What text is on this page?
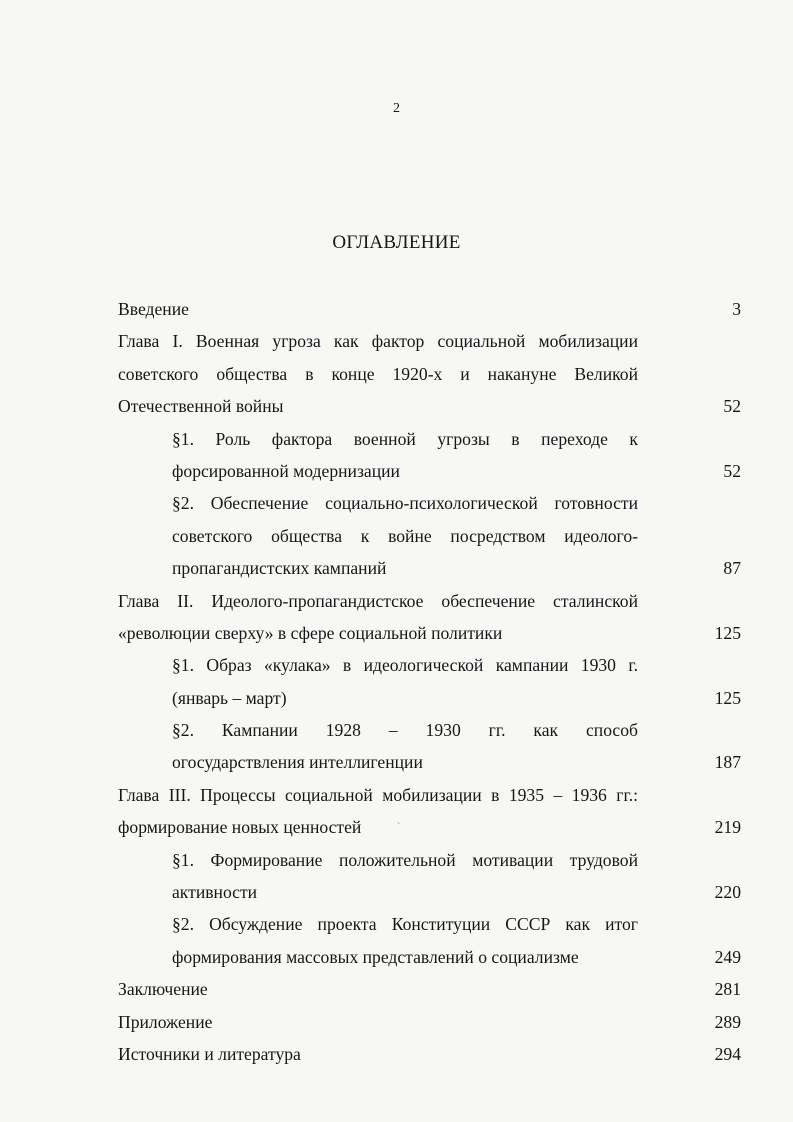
2
ОГЛАВЛЕНИЕ
Введение	3
Глава I. Военная угроза как фактор социальной мобилизации
советского общества в конце 1920-х и накануне Великой
Отечественной войны	52
§1. Роль фактора военной угрозы в переходе к
форсированной модернизации	52
§2. Обеспечение социально-психологической готовности
советского общества к войне посредством идеолого-
пропагандистских кампаний	87
Глава II. Идеолого-пропагандистское обеспечение сталинской
«революции сверху» в сфере социальной политики	125
§1. Образ «кулака» в идеологической кампании 1930 г.
(январь – март)	125
§2. Кампании 1928 – 1930 гг. как способ
огосударствления интеллигенции	187
Глава III. Процессы социальной мобилизации в 1935 – 1936 гг.:
формирование новых ценностей	219
§1. Формирование положительной мотивации трудовой
активности	220
§2. Обсуждение проекта Конституции СССР как итог
формирования массовых представлений о социализме	249
Заключение	281
Приложение	289
Источники и литература	294
`
